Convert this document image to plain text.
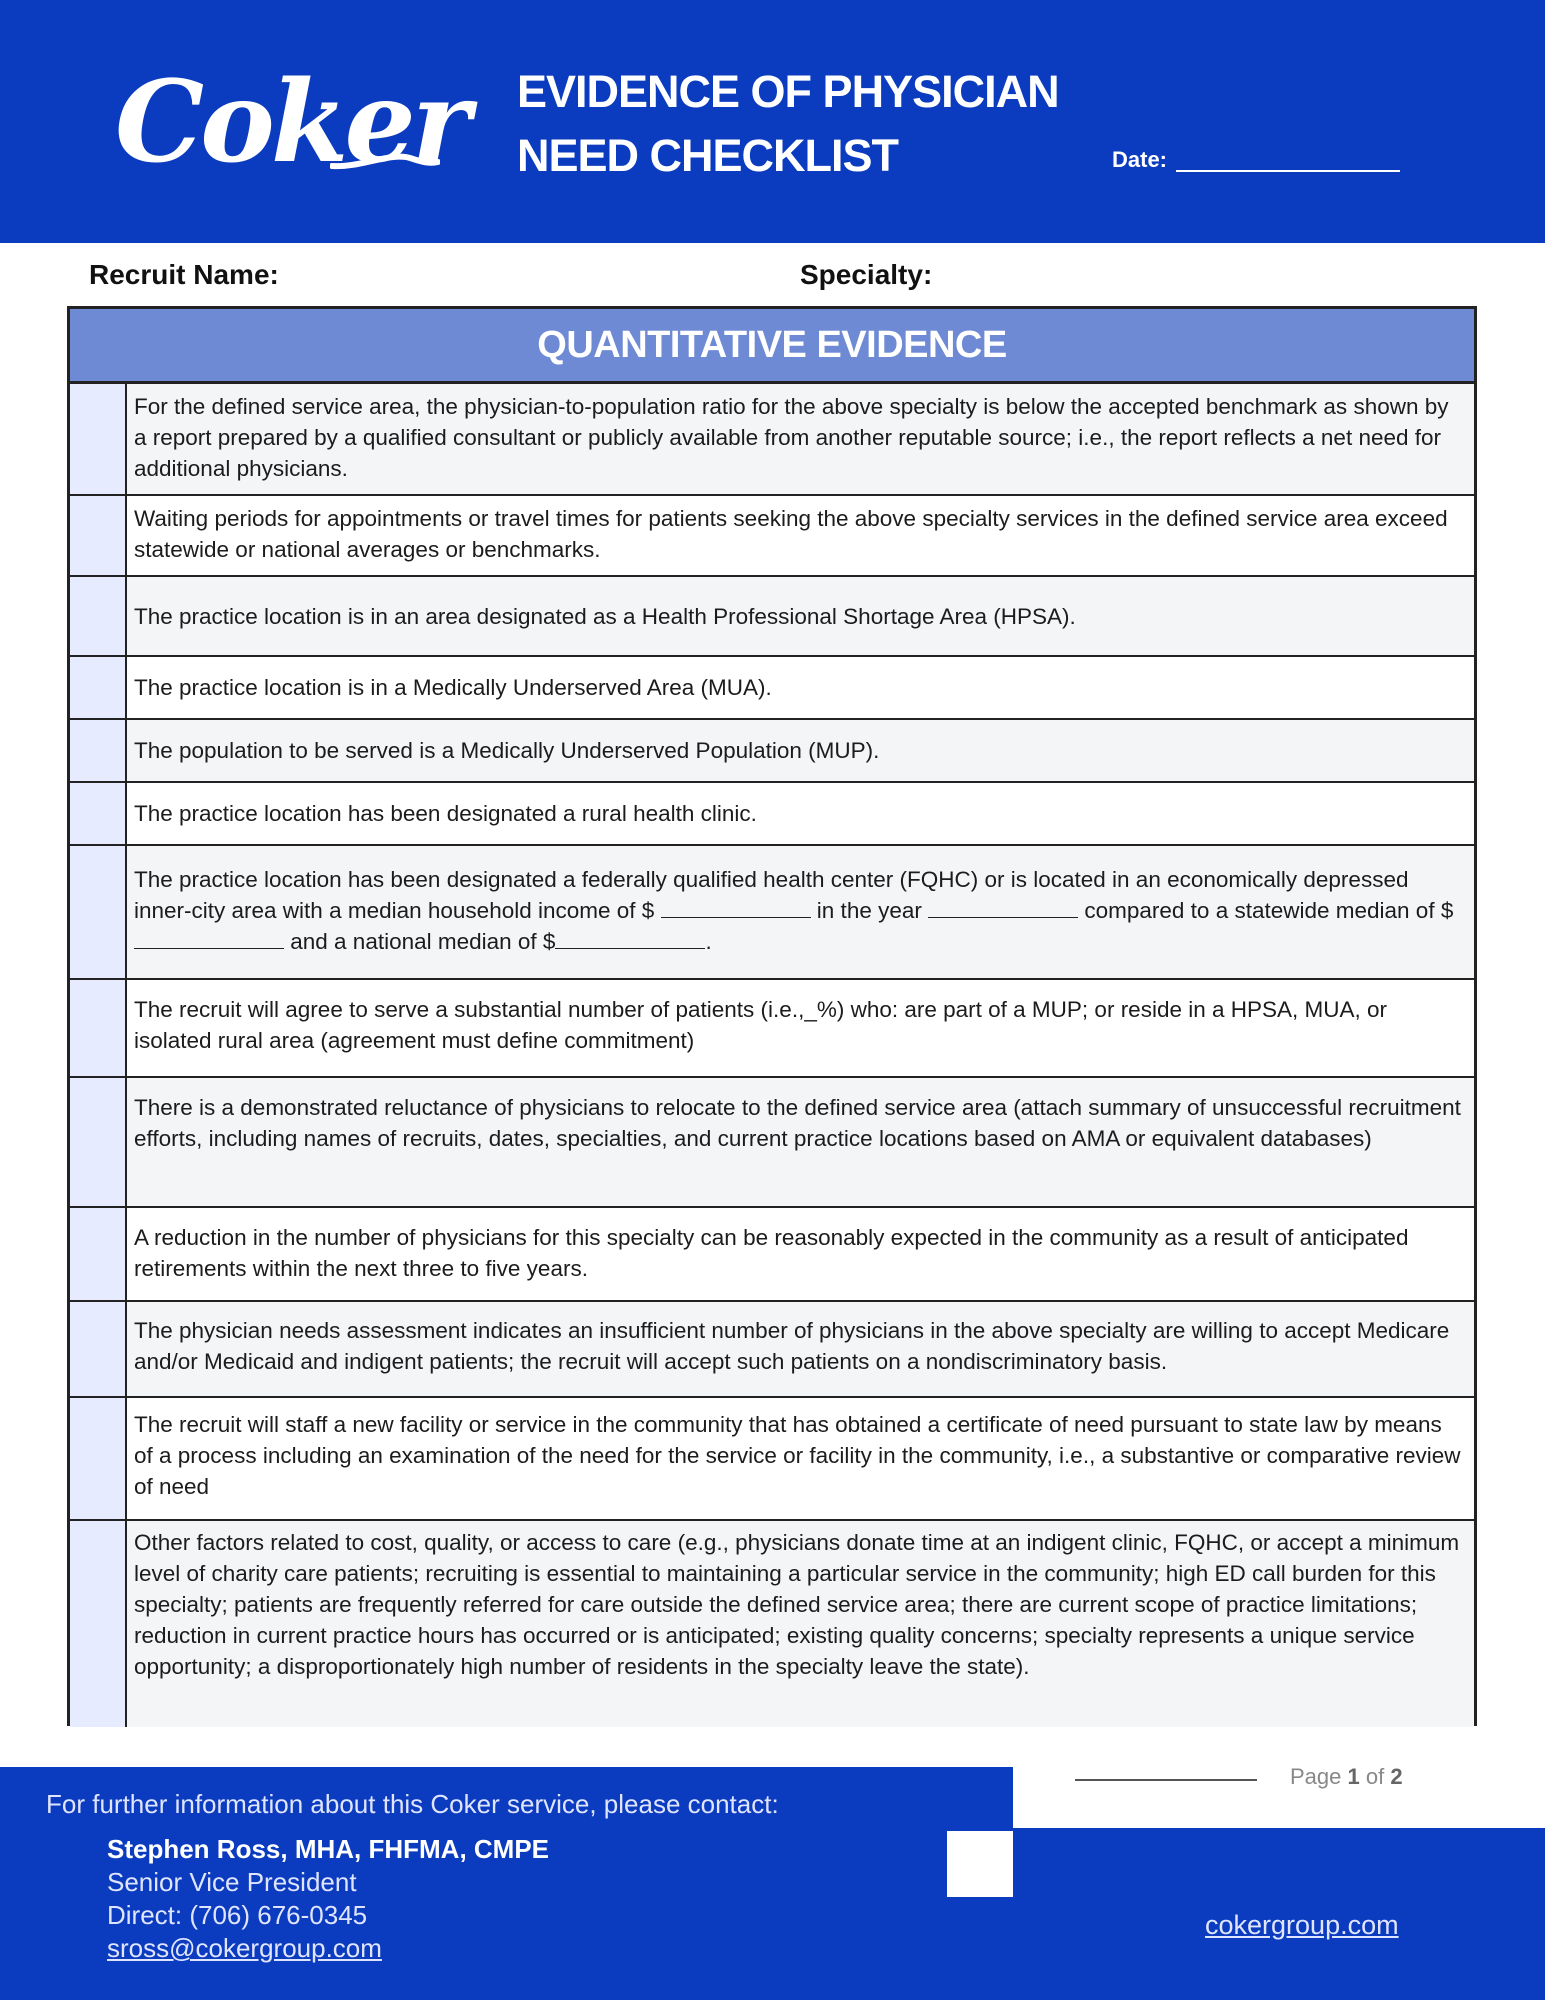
Coker EVIDENCE OF PHYSICIAN
NEED CHECKLIST	Date:
Recruit Name:	Specialty:
QUANTITATIVE EVIDENCE
For the defined service area, the physician-to-population ratio for the above specialty is below the accepted benchmark as shown by a report prepared by a qualified consultant or publicly available from another reputable source; i.e., the report reflects a net need for additional physicians.
Waiting periods for appointments or travel times for patients seeking the above specialty services in the defined service area exceed statewide or national averages or benchmarks.
The practice location is in an area designated as a Health Professional Shortage Area (HPSA).
The practice location is in a Medically Underserved Area (MUA).
The population to be served is a Medically Underserved Population (MUP).
The practice location has been designated a rural health clinic.
The practice location has been designated a federally qualified health center (FQHC) or is located in an economically depressed inner-city area with a median household income of $	in the year	compared to a statewide median of $ and a national median of $	.
The recruit will agree to serve a substantial number of patients (i.e.,_%) who: are part of a MUP; or reside in a HPSA, MUA, or isolated rural area (agreement must define commitment)
There is a demonstrated reluctance of physicians to relocate to the defined service area (attach summary of unsuccessful recruitment efforts, including names of recruits, dates, specialties, and current practice locations based on AMA or equivalent databases)
A reduction in the number of physicians for this specialty can be reasonably expected in the community as a result of anticipated retirements within the next three to five years.
The physician needs assessment indicates an insufficient number of physicians in the above specialty are willing to accept Medicare and/or Medicaid and indigent patients; the recruit will accept such patients on a nondiscriminatory basis.
The recruit will staff a new facility or service in the community that has obtained a certificate of need pursuant to state law by means of a process including an examination of the need for the service or facility in the community, i.e., a substantive or comparative review of need
Other factors related to cost, quality, or access to care (e.g., physicians donate time at an indigent clinic, FQHC, or accept a minimum level of charity care patients; recruiting is essential to maintaining a particular service in the community; high ED call burden for this specialty; patients are frequently referred for care outside the defined service area; there are current scope of practice limitations; reduction in current practice hours has occurred or is anticipated; existing quality concerns; specialty represents a unique service opportunity; a disproportionately high number of residents in the specialty leave the state).
Page 1 of 2
For further information about this Coker service, please contact:
Stephen Ross, MHA, FHFMA, CMPE
Senior Vice President
Direct: (706) 676-0345
sross@cokergroup.com
cokergroup.com
